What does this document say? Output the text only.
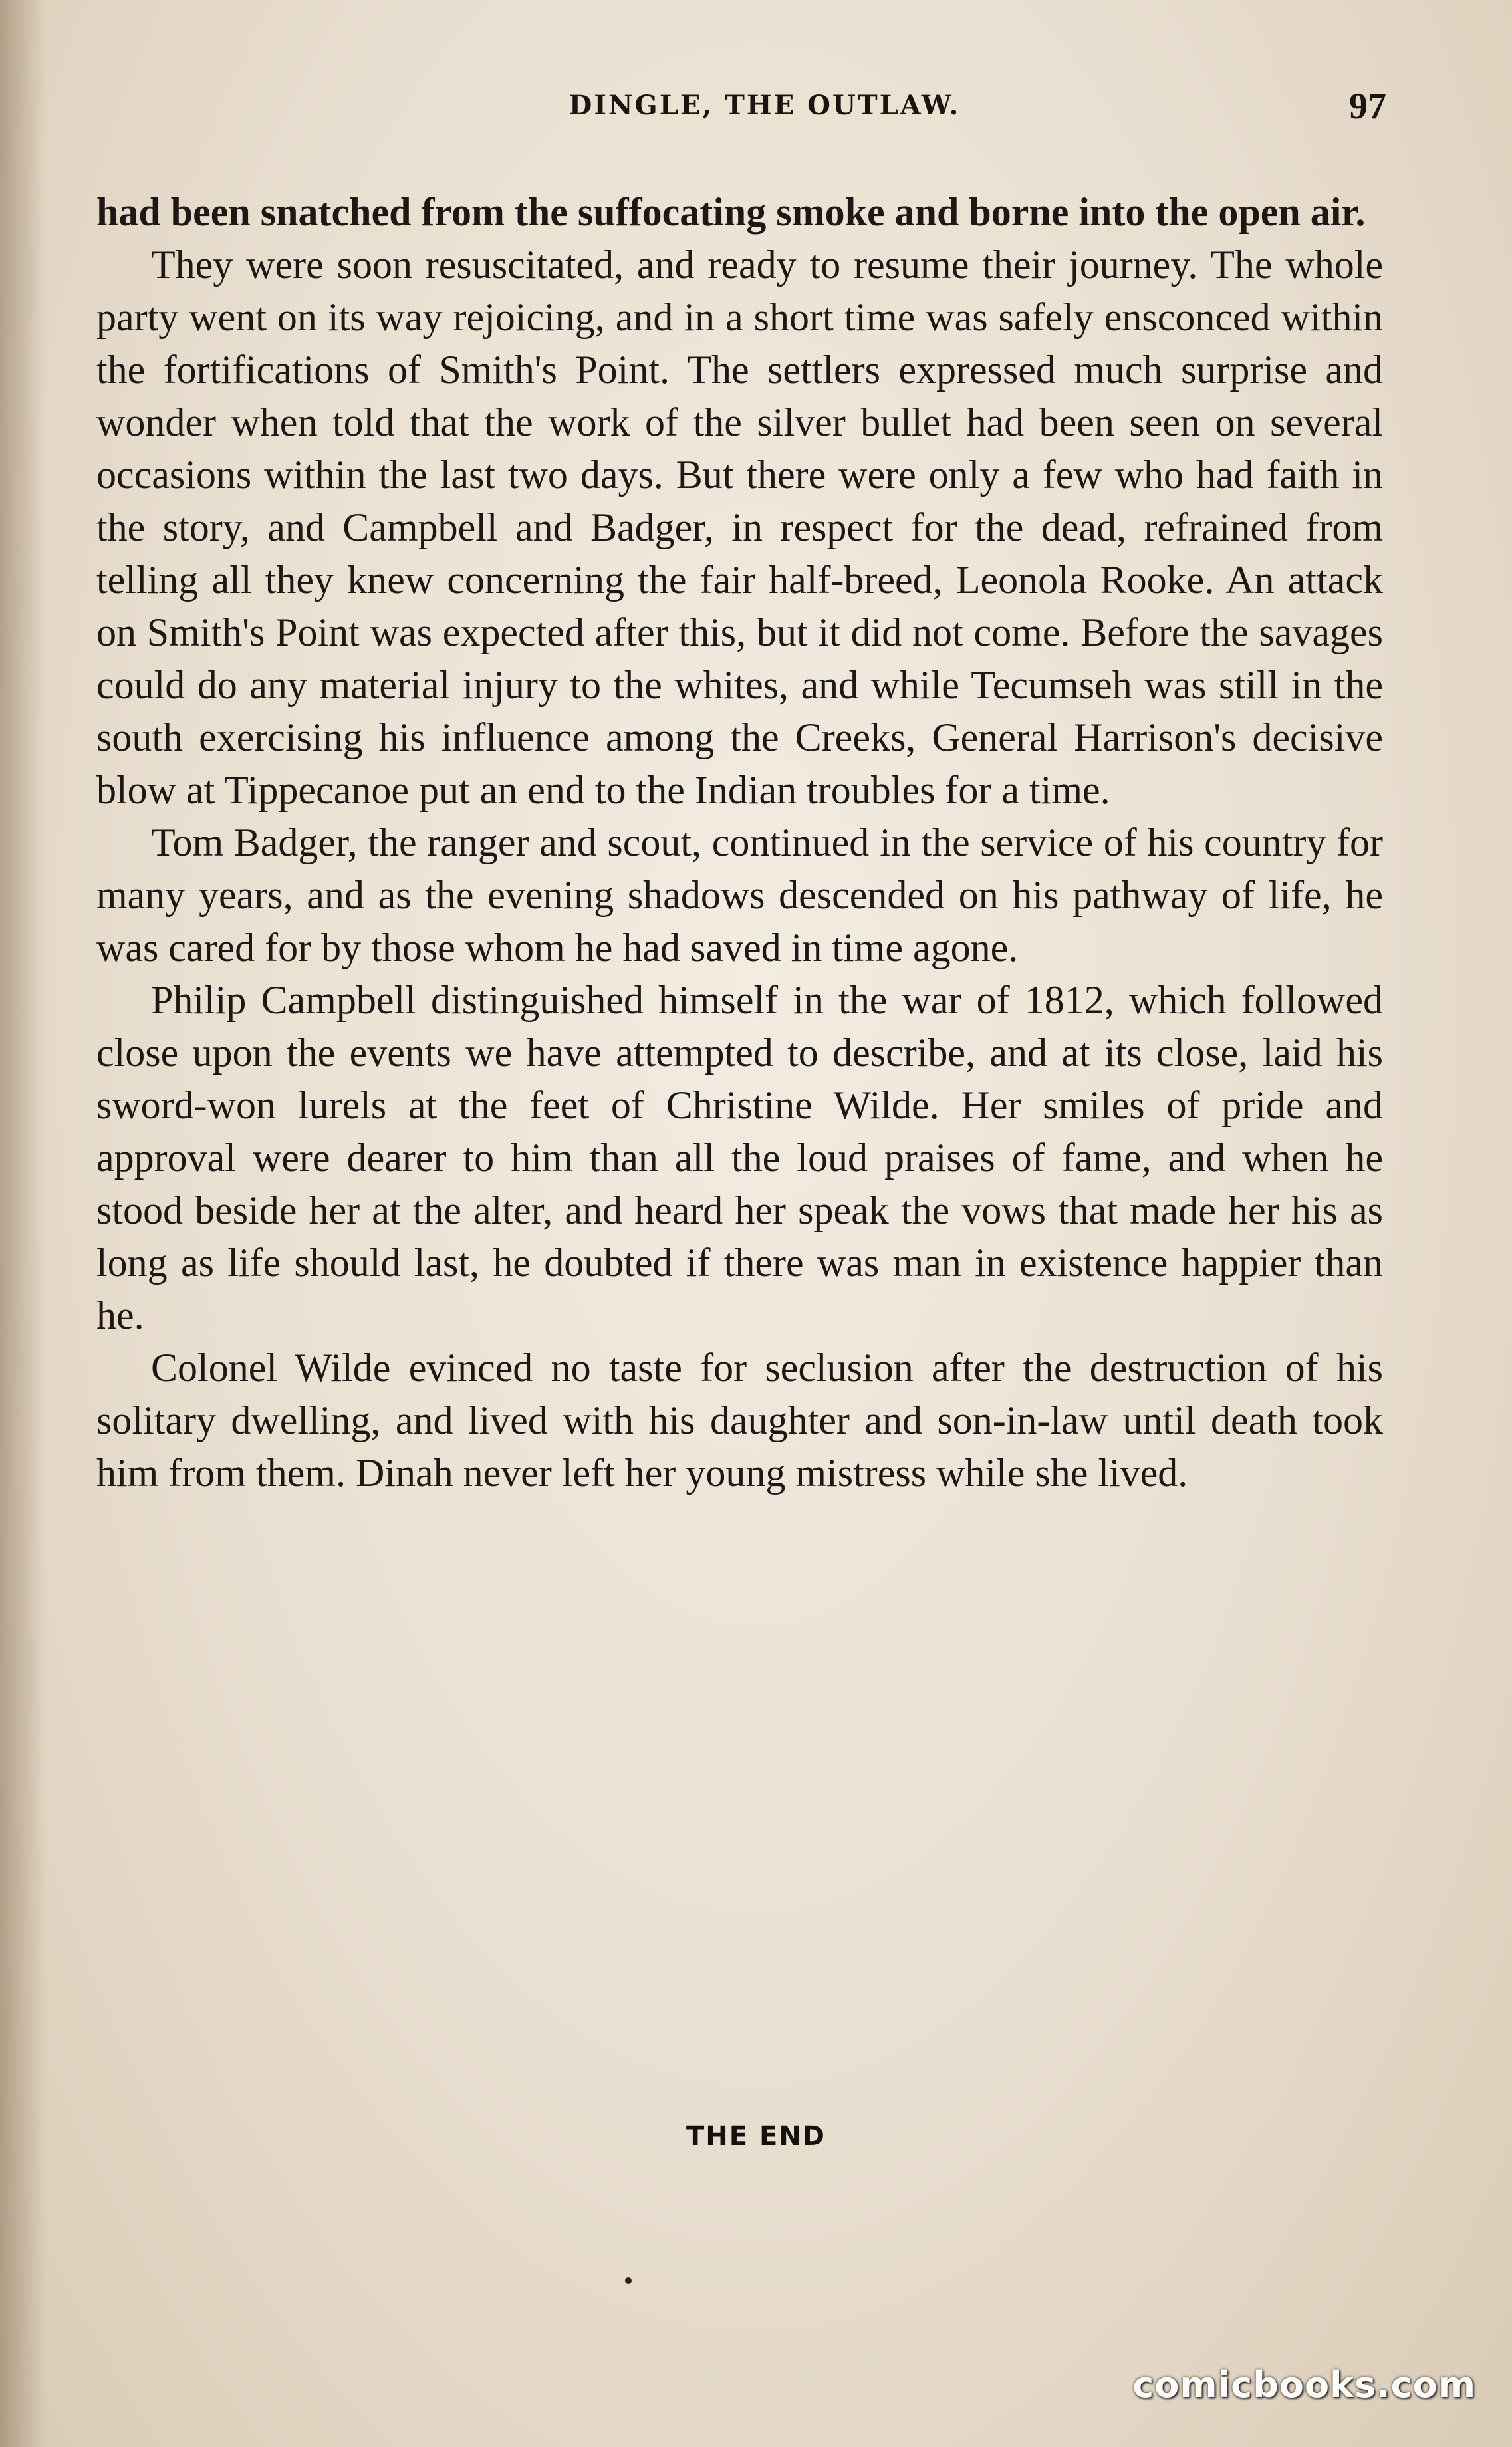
DINGLE, THE OUTLAW.	97

had been snatched from the suffocating smoke and borne into the open air.

They were soon resuscitated, and ready to resume their journey. The whole party went on its way rejoicing, and in a short time was safely ensconced within the fortifications of Smith's Point. The settlers expressed much surprise and wonder when told that the work of the silver bullet had been seen on several occasions within the last two days. But there were only a few who had faith in the story, and Campbell and Badger, in respect for the dead, refrained from telling all they knew concerning the fair half-breed, Leonola Rooke. An attack on Smith's Point was expected after this, but it did not come. Before the savages could do any material injury to the whites, and while Tecumseh was still in the south exercising his influence among the Creeks, General Harrison's decisive blow at Tippecanoe put an end to the Indian troubles for a time.

Tom Badger, the ranger and scout, continued in the service of his country for many years, and as the evening shadows descended on his pathway of life, he was cared for by those whom he had saved in time agone.

Philip Campbell distinguished himself in the war of 1812, which followed close upon the events we have attempted to describe, and at its close, laid his sword-won lurels at the feet of Christine Wilde. Her smiles of pride and approval were dearer to him than all the loud praises of fame, and when he stood beside her at the alter, and heard her speak the vows that made her his as long as life should last, he doubted if there was man in existence happier than he.

Colonel Wilde evinced no taste for seclusion after the destruction of his solitary dwelling, and lived with his daughter and son-in-law until death took him from them. Dinah never left her young mistress while she lived.

THE END
comicbooks.com
